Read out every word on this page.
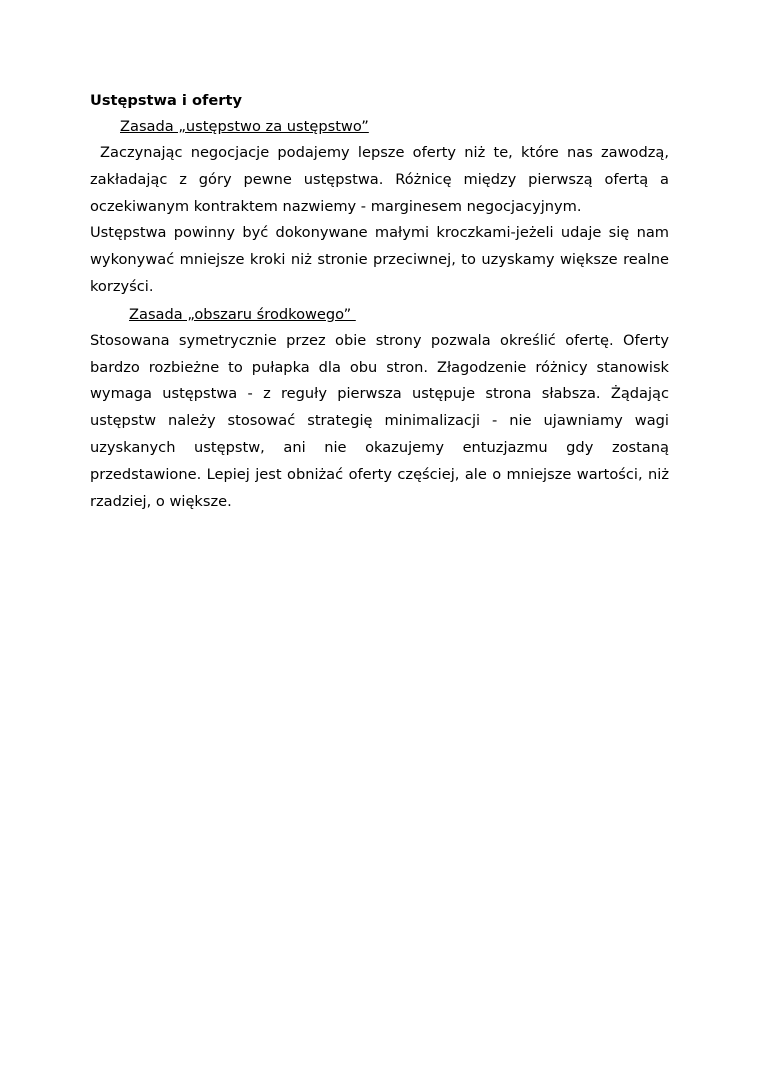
Ustępstwa i oferty

Zasada „ustępstwo za ustępstwo”

Zaczynając negocjacje podajemy lepsze oferty niż te, które nas zawodzą, zakładając z góry pewne ustępstwa. Różnicę między pierwszą ofertą a oczekiwanym kontraktem nazwiemy - marginesem negocjacyjnym.

Ustępstwa powinny być dokonywane małymi kroczkami-jeżeli udaje się nam wykonywać mniejsze kroki niż stronie przeciwnej, to uzyskamy większe realne korzyści.

Zasada „obszaru środkowego”

Stosowana symetrycznie przez obie strony pozwala określić ofertę. Oferty bardzo rozbieżne to pułapka dla obu stron. Złagodzenie różnicy stanowisk wymaga ustępstwa - z reguły pierwsza ustępuje strona słabsza. Żądając ustępstw należy stosować strategię minimalizacji - nie ujawniamy wagi uzyskanych ustępstw, ani nie okazujemy entuzjazmu gdy zostaną przedstawione. Lepiej jest obniżać oferty częściej, ale o mniejsze wartości, niż rzadziej, o większe.
